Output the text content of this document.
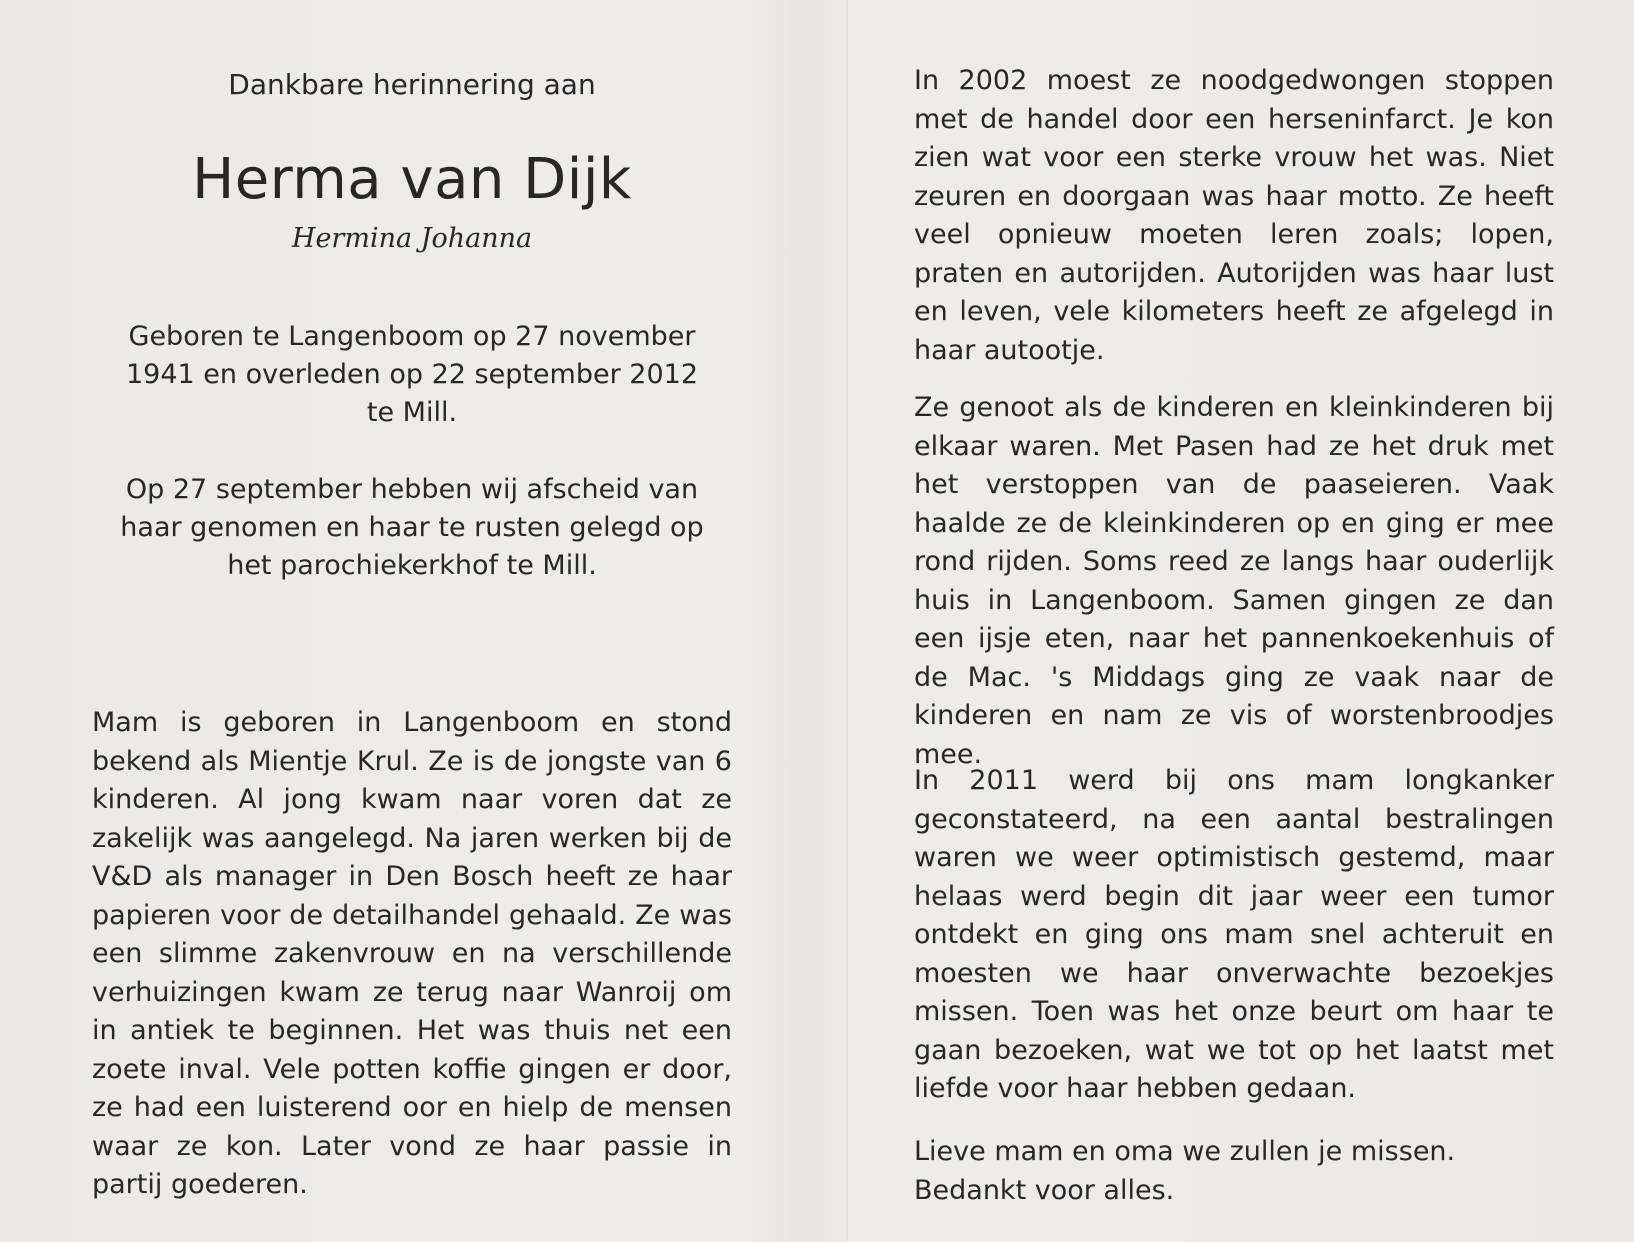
Dankbare herinnering aan
Herma van Dijk
Hermina Johanna
Geboren te Langenboom op 27 november
1941 en overleden op 22 september 2012
te Mill.
Op 27 september hebben wij afscheid van
haar genomen en haar te rusten gelegd op
het parochiekerkhof te Mill.

Mam is geboren in Langenboom en stond bekend als Mientje Krul. Ze is de jongste van 6 kinderen. Al jong kwam naar voren dat ze zakelijk was aangelegd. Na jaren werken bij de V&D als manager in Den Bosch heeft ze haar papieren voor de detailhandel gehaald. Ze was een slimme zakenvrouw en na verschillende verhuizingen kwam ze terug naar Wanroij om in antiek te beginnen. Het was thuis net een zoete inval. Vele potten koffie gingen er door, ze had een luisterend oor en hielp de mensen waar ze kon. Later vond ze haar passie in partij goederen.

In 2002 moest ze noodgedwongen stoppen met de handel door een herseninfarct. Je kon zien wat voor een sterke vrouw het was. Niet zeuren en doorgaan was haar motto. Ze heeft veel opnieuw moeten leren zoals; lopen, praten en autorijden. Autorijden was haar lust en leven, vele kilometers heeft ze afgelegd in haar autootje.

Ze genoot als de kinderen en kleinkinderen bij elkaar waren. Met Pasen had ze het druk met het verstoppen van de paaseieren. Vaak haalde ze de kleinkinderen op en ging er mee rond rijden. Soms reed ze langs haar ouderlijk huis in Langenboom. Samen gingen ze dan een ijsje eten, naar het pannenkoekenhuis of de Mac. 's Middags ging ze vaak naar de kinderen en nam ze vis of worstenbroodjes mee.

In 2011 werd bij ons mam longkanker geconstateerd, na een aantal bestralingen waren we weer optimistisch gestemd, maar helaas werd begin dit jaar weer een tumor ontdekt en ging ons mam snel achteruit en moesten we haar onverwachte bezoekjes missen. Toen was het onze beurt om haar te gaan bezoeken, wat we tot op het laatst met liefde voor haar hebben gedaan.

Lieve mam en oma we zullen je missen.
Bedankt voor alles.
